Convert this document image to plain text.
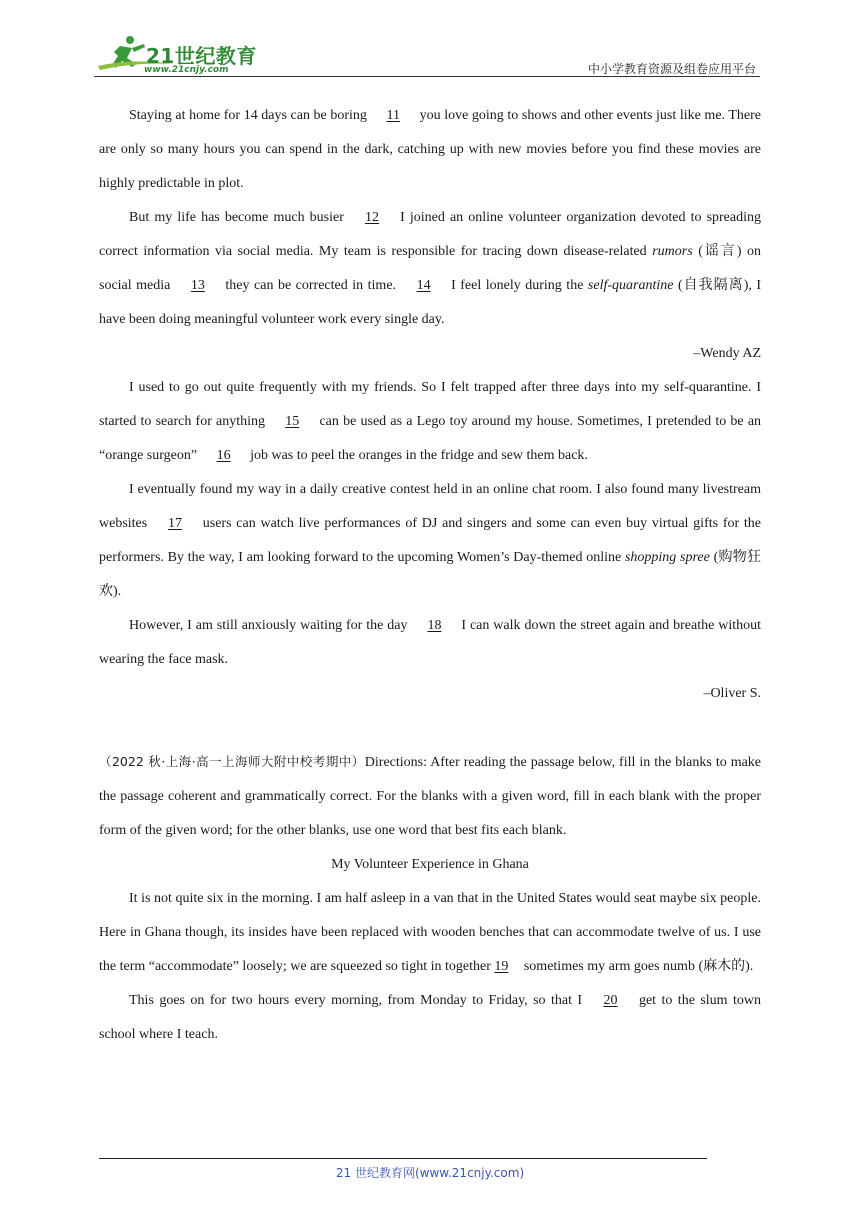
21世纪教育
www.21cnjy.com	中小学教育资源及组卷应用平台

Staying at home for 14 days can be boring 11 you love going to shows and other events just like me. There are only so many hours you can spend in the dark, catching up with new movies before you find these movies are highly predictable in plot.

But my life has become much busier 12 I joined an online volunteer organization devoted to spreading correct information via social media. My team is responsible for tracing down disease-related rumors (谣言) on social media 13 they can be corrected in time. 14 I feel lonely during the self-quarantine (自我隔离), I have been doing meaningful volunteer work every single day.

–Wendy AZ

I used to go out quite frequently with my friends. So I felt trapped after three days into my self-quarantine. I started to search for anything 15 can be used as a Lego toy around my house. Sometimes, I pretended to be an “orange surgeon” 16 job was to peel the oranges in the fridge and sew them back.

I eventually found my way in a daily creative contest held in an online chat room. I also found many livestream websites 17 users can watch live performances of DJ and singers and some can even buy virtual gifts for the performers. By the way, I am looking forward to the upcoming Women’s Day-themed online shopping spree (购物狂欢).

However, I am still anxiously waiting for the day 18 I can walk down the street again and breathe without wearing the face mask.

–Oliver S.

（2022 秋·上海·高一上海师大附中校考期中）Directions: After reading the passage below, fill in the blanks to make the passage coherent and grammatically correct. For the blanks with a given word, fill in each blank with the proper form of the given word; for the other blanks, use one word that best fits each blank.

My Volunteer Experience in Ghana

It is not quite six in the morning. I am half asleep in a van that in the United States would seat maybe six people. Here in Ghana though, its insides have been replaced with wooden benches that can accommodate twelve of us. I use the term “accommodate” loosely; we are squeezed so tight in together 19 sometimes my arm goes numb (麻木的).

This goes on for two hours every morning, from Monday to Friday, so that I 20 get to the slum town school where I teach.

21 世纪教育网(www.21cnjy.com)
